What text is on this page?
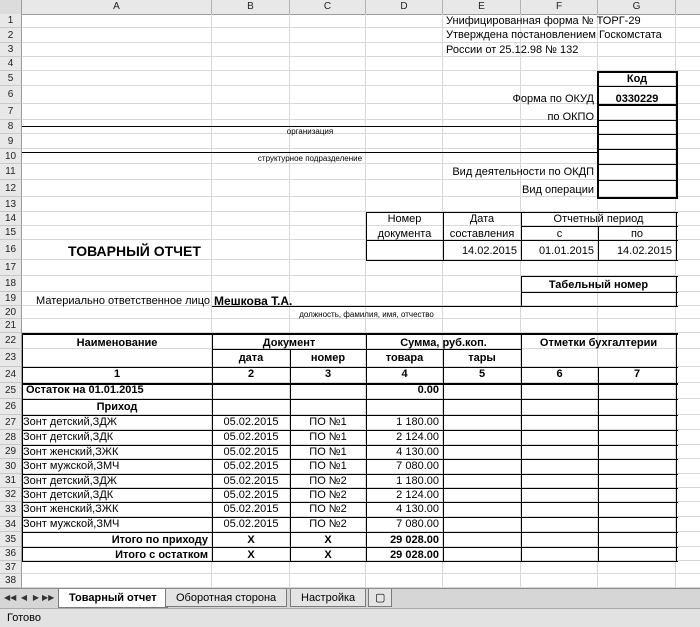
A	B	C	D	E	F	G
1
2
3
4
5
6
7
8
9
10
11
12
13
14
15
16
17
18
19
20
21
22
23
24
25
26
27
28
29
30
31
32
33
34
35
36
37
38
Унифицированная форма № ТОРГ-29
Утверждена постановлением Госкомстата
России от 25.12.98 № 132
Код
Форма по ОКУД	0330229
по ОКПО
организация
структурное подразделение
Вид деятельности по ОКДП
Вид операции
Номер
документа
Дата
составления
Отчетный период
с	по
ТОВАРНЫЙ ОТЧЕТ	14.02.2015	01.01.2015	14.02.2015
Табельный номер
Материально ответственное лицо Мешкова Т.А.
должность, фамилия, имя, отчество
Наименование	Документ
дата	номер
Сумма, руб.коп.
товара	тары
Отметки бухгалтерии
1	2	3	4	5	6	7
Остаток на 01.01.2015	0.00
Приход
Зонт детский,ЗДЖ	05.02.2015	ПО №1	1 180.00
Зонт детский,ЗДК	05.02.2015	ПО №1	2 124.00
Зонт женский,ЗЖК	05.02.2015	ПО №1	4 130.00
Зонт мужской,ЗМЧ	05.02.2015	ПО №1	7 080.00
Зонт детский,ЗДЖ	05.02.2015	ПО №2	1 180.00
Зонт детский,ЗДК	05.02.2015	ПО №2	2 124.00
Зонт женский,ЗЖК	05.02.2015	ПО №2	4 130.00
Зонт мужской,ЗМЧ	05.02.2015	ПО №2	7 080.00
Итого по приходу	Х	Х	29 028.00
Итого с остатком	Х	Х	29 028.00
◀◀ ◀ ▶ ▶▶	Товарный отчет	Оборотная сторона	Настройка	▢
Готово
